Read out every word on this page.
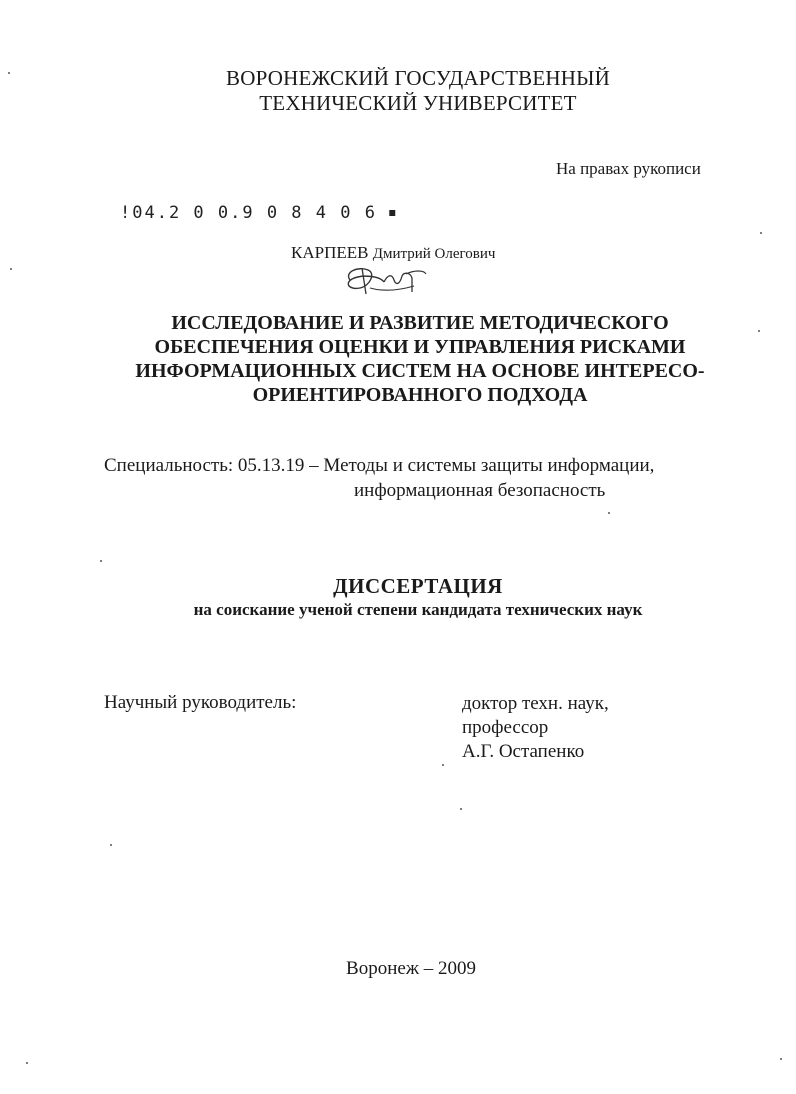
ВОРОНЕЖСКИЙ ГОСУДАРСТВЕННЫЙ
ТЕХНИЧЕСКИЙ УНИВЕРСИТЕТ
На правах рукописи
!04.2 0 0.9 0 8 4 0 6 ■
КАРПЕЕВ Дмитрий Олегович
ИССЛЕДОВАНИЕ И РАЗВИТИЕ МЕТОДИЧЕСКОГО
ОБЕСПЕЧЕНИЯ ОЦЕНКИ И УПРАВЛЕНИЯ РИСКАМИ
ИНФОРМАЦИОННЫХ СИСТЕМ НА ОСНОВЕ ИНТЕРЕСО-
ОРИЕНТИРОВАННОГО ПОДХОДА
Специальность: 05.13.19 – Методы и системы защиты информации,
информационная безопасность
ДИССЕРТАЦИЯ
на соискание ученой степени кандидата технических наук
Научный руководитель:	доктор техн. наук,
профессор
А.Г. Остапенко
Воронеж – 2009
